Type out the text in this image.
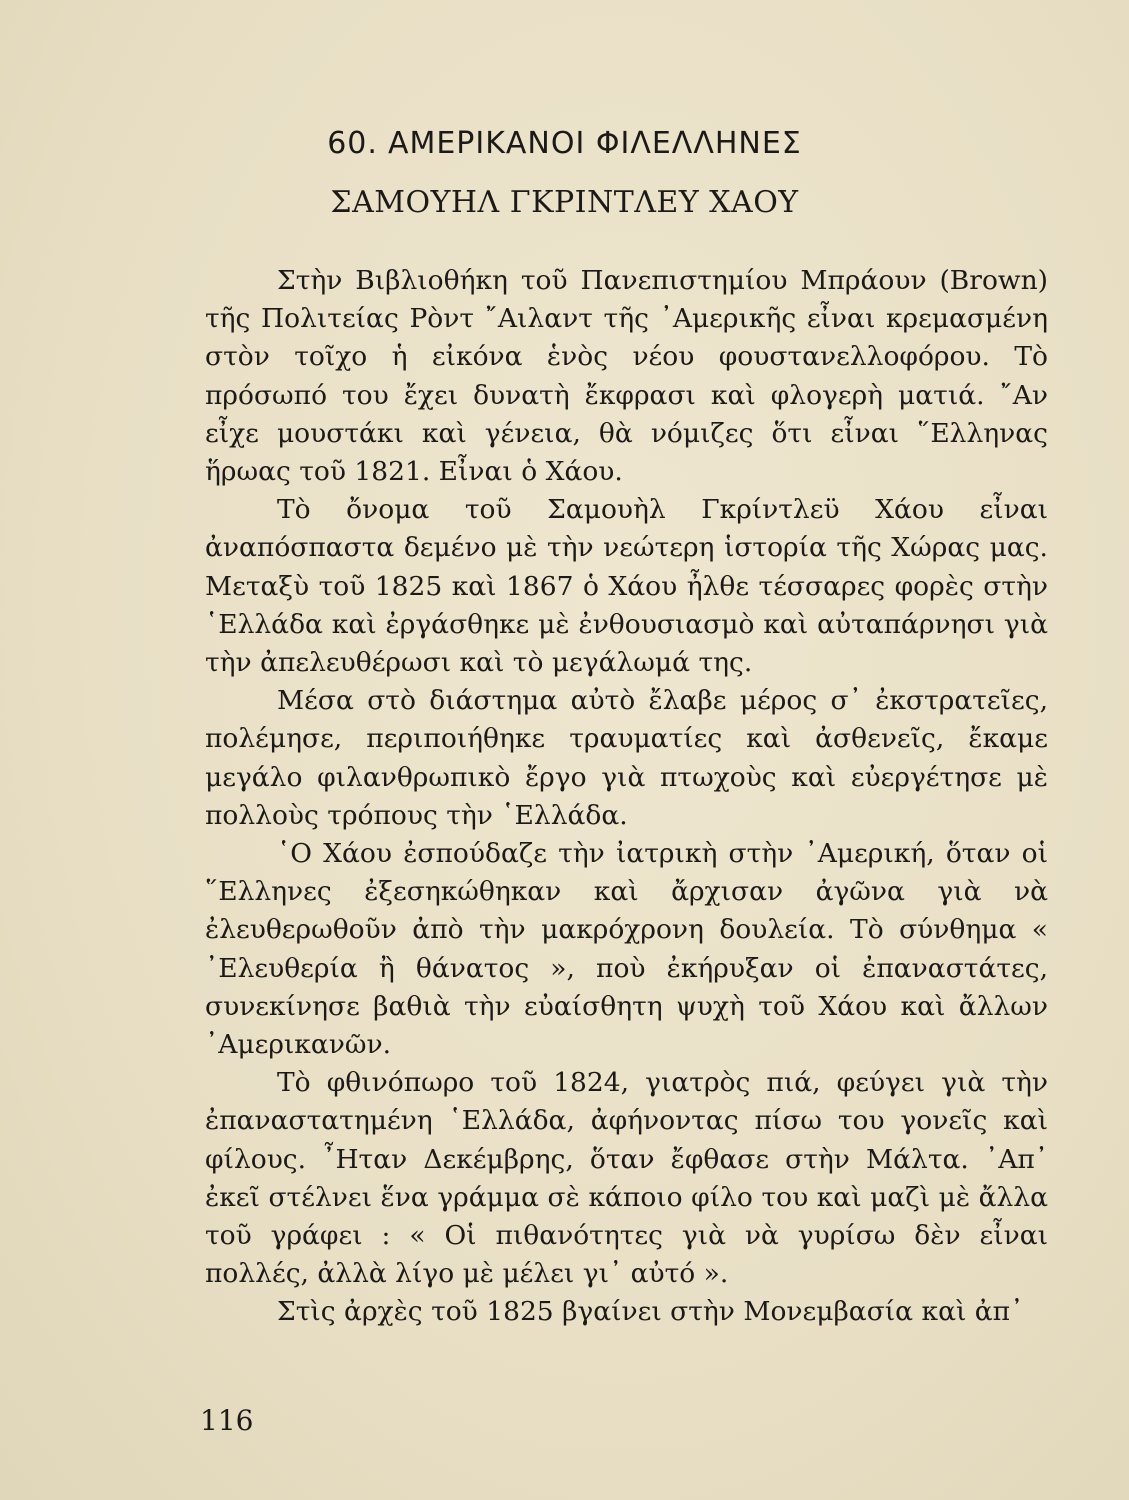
60. ΑΜΕΡΙΚΑΝΟΙ ΦΙΛΕΛΛΗΝΕΣ
ΣΑΜΟΥΗΛ ΓΚΡΙΝΤΛΕΥ ΧΑΟΥ

Στὴν Βιβλιοθήκη τοῦ Πανεπιστημίου Μπράουν (Brown) τῆς Πολιτείας Ρὸντ ῎Αιλαντ τῆς ᾿Αμερικῆς εἶναι κρεμασμένη στὸν τοῖχο ἡ εἰκόνα ἑνὸς νέου φουστανελλοφόρου. Τὸ πρόσωπό του ἔχει δυνατὴ ἔκφρασι καὶ φλογερὴ ματιά. ῎Αν εἶχε μουστάκι καὶ γένεια, θὰ νόμιζες ὅτι εἶναι ῞Ελληνας ἥρωας τοῦ 1821. Εἶναι ὁ Χάου.

Τὸ ὄνομα τοῦ Σαμουὴλ Γκρίντλεϋ Χάου εἶναι ἀναπόσπαστα δεμένο μὲ τὴν νεώτερη ἱστορία τῆς Χώρας μας. Μεταξὺ τοῦ 1825 καὶ 1867 ὁ Χάου ἦλθε τέσσαρες φορὲς στὴν ῾Ελλάδα καὶ ἐργάσθηκε μὲ ἐνθουσιασμὸ καὶ αὐταπάρνησι γιὰ τὴν ἀπελευθέρωσι καὶ τὸ μεγάλωμά της.

Μέσα στὸ διάστημα αὐτὸ ἔλαβε μέρος σ᾿ ἐκστρατεῖες, πολέμησε, περιποιήθηκε τραυματίες καὶ ἀσθενεῖς, ἔκαμε μεγάλο φιλανθρωπικὸ ἔργο γιὰ πτωχοὺς καὶ εὐεργέτησε μὲ πολλοὺς τρόπους τὴν ῾Ελλάδα.

῾Ο Χάου ἐσπούδαζε τὴν ἰατρικὴ στὴν ᾿Αμερική, ὅταν οἱ ῞Ελληνες ἐξεσηκώθηκαν καὶ ἄρχισαν ἀγῶνα γιὰ νὰ ἐλευθερωθοῦν ἀπὸ τὴν μακρόχρονη δουλεία. Τὸ σύνθημα « ᾿Ελευθερία ἢ θάνατος », ποὺ ἐκήρυξαν οἱ ἐπαναστάτες, συνεκίνησε βαθιὰ τὴν εὐαίσθητη ψυχὴ τοῦ Χάου καὶ ἄλλων ᾿Αμερικανῶν.

Τὸ φθινόπωρο τοῦ 1824, γιατρὸς πιά, φεύγει γιὰ τὴν ἐπαναστατημένη ῾Ελλάδα, ἀφήνοντας πίσω του γονεῖς καὶ φίλους. ῏Ηταν Δεκέμβρης, ὅταν ἔφθασε στὴν Μάλτα. ᾿Απ᾿ ἐκεῖ στέλνει ἕνα γράμμα σὲ κάποιο φίλο του καὶ μαζὶ μὲ ἄλλα τοῦ γράφει : « Οἱ πιθανότητες γιὰ νὰ γυρίσω δὲν εἶναι πολλές, ἀλλὰ λίγο μὲ μέλει γι᾿ αὐτό ».

Στὶς ἀρχὲς τοῦ 1825 βγαίνει στὴν Μονεμβασία καὶ ἀπ᾿

116
